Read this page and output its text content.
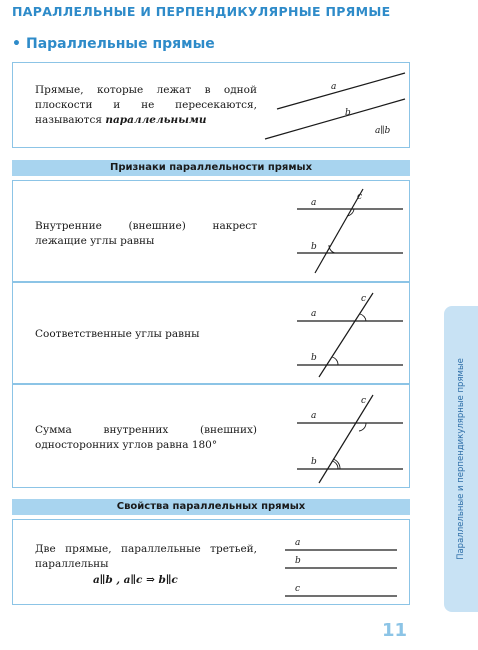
ПАРАЛЛЕЛЬНЫЕ И ПЕРПЕНДИКУЛЯРНЫЕ ПРЯМЫЕ
• Параллельные прямые
Прямые, которые лежат в одной плоскости и не пересекаются, называются параллельными
a
b
a∥b
Признаки параллельности прямых
Внутренние (внешние) накрест лежащие углы равны
a
b
c
Соответственные углы равны
a
b
c
Сумма внутренних (внешних) односторонних углов равна 180°
a
b
c
Свойства параллельных прямых
Две прямые, параллельные третьей, параллельны
a∥b , a∥c ⇒ b∥c
a
b
c
Параллельные и перпендикулярные прямые
11
